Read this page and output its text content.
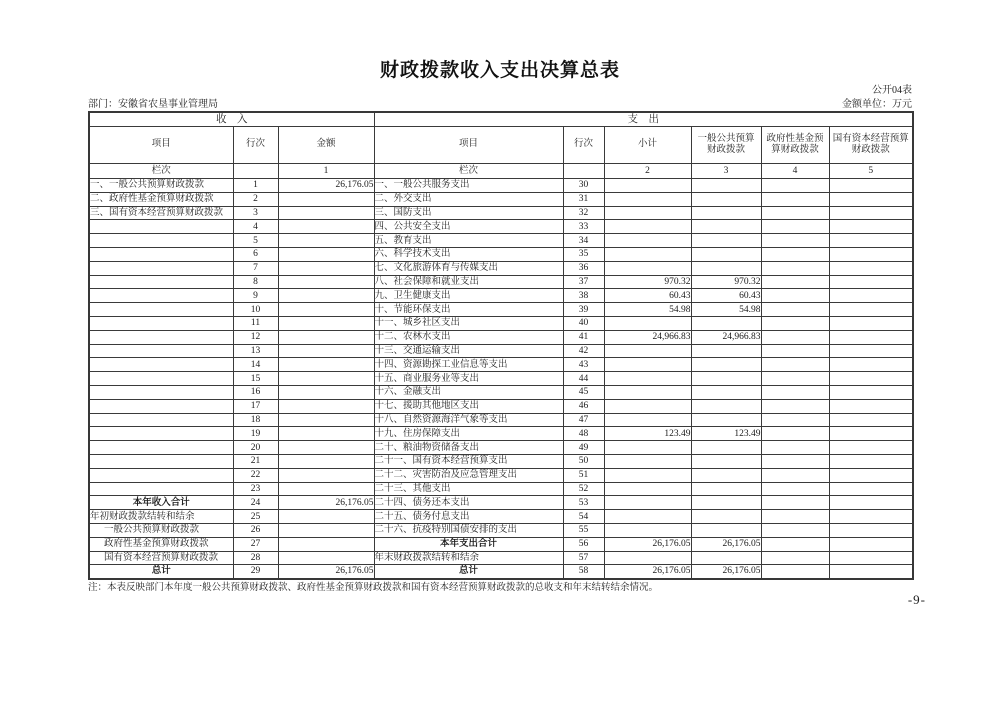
财政拨款收入支出决算总表
公开04表
部门：安徽省农垦事业管理局	金额单位：万元
收    入			支    出					
项目	行次	金额	项目	行次	小计	一般公共预算财政拨款	政府性基金预算财政拨款	国有资本经营预算财政拨款
栏次		1	栏次		2	3	4	5
一、一般公共预算财政拨款	1	26,176.05	一、一般公共服务支出	30				
二、政府性基金预算财政拨款	2		二、外交支出	31				
三、国有资本经营预算财政拨款	3		三、国防支出	32				
	4		四、公共安全支出	33				
	5		五、教育支出	34				
	6		六、科学技术支出	35				
	7		七、文化旅游体育与传媒支出	36				
	8		八、社会保障和就业支出	37	970.32	970.32		
	9		九、卫生健康支出	38	60.43	60.43		
	10		十、节能环保支出	39	54.98	54.98		
	11		十一、城乡社区支出	40				
	12		十二、农林水支出	41	24,966.83	24,966.83		
	13		十三、交通运输支出	42				
	14		十四、资源勘探工业信息等支出	43				
	15		十五、商业服务业等支出	44				
	16		十六、金融支出	45				
	17		十七、援助其他地区支出	46				
	18		十八、自然资源海洋气象等支出	47				
	19		十九、住房保障支出	48	123.49	123.49		
	20		二十、粮油物资储备支出	49				
	21		二十一、国有资本经营预算支出	50				
	22		二十二、灾害防治及应急管理支出	51				
	23		二十三、其他支出	52				
本年收入合计	24	26,176.05	二十四、债务还本支出	53				
年初财政拨款结转和结余	25		二十五、债务付息支出	54				
一般公共预算财政拨款	26		二十六、抗疫特别国债安排的支出	55				
政府性基金预算财政拨款	27		本年支出合计	56	26,176.05	26,176.05		
国有资本经营预算财政拨款	28		年末财政拨款结转和结余	57				
总计	29	26,176.05	总计	58	26,176.05	26,176.05		
注：本表反映部门本年度一般公共预算财政拨款、政府性基金预算财政拨款和国有资本经营预算财政拨款的总收支和年末结转结余情况。
-9-
